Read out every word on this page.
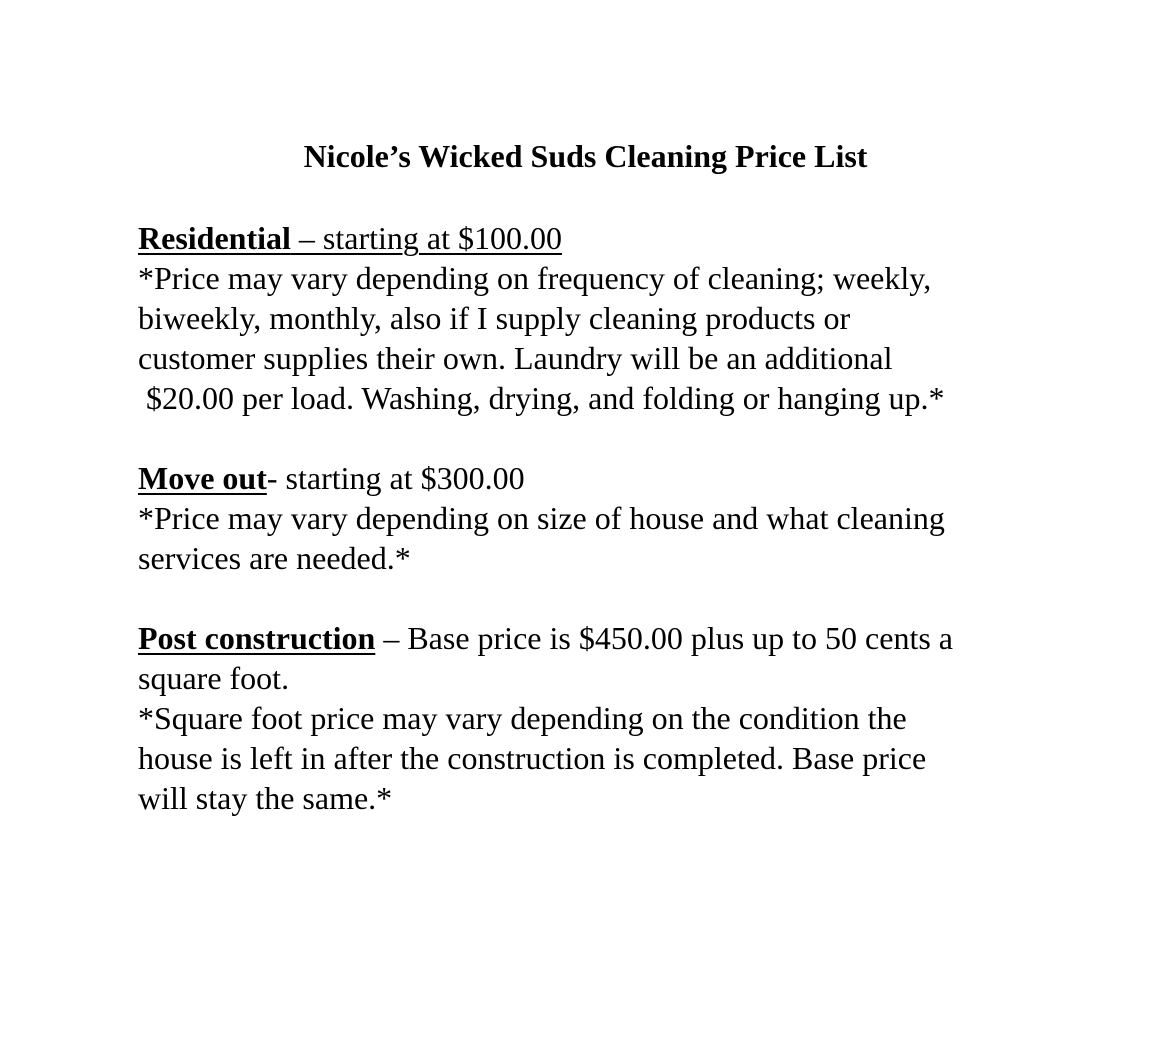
Nicole’s Wicked Suds Cleaning Price List
Residential – starting at $100.00
*Price may vary depending on frequency of cleaning; weekly,
biweekly, monthly, also if I supply cleaning products or
customer supplies their own. Laundry will be an additional
$20.00 per load. Washing, drying, and folding or hanging up.*
Move out- starting at $300.00
*Price may vary depending on size of house and what cleaning
services are needed.*
Post construction – Base price is $450.00 plus up to 50 cents a
square foot.
*Square foot price may vary depending on the condition the
house is left in after the construction is completed. Base price
will stay the same.*
